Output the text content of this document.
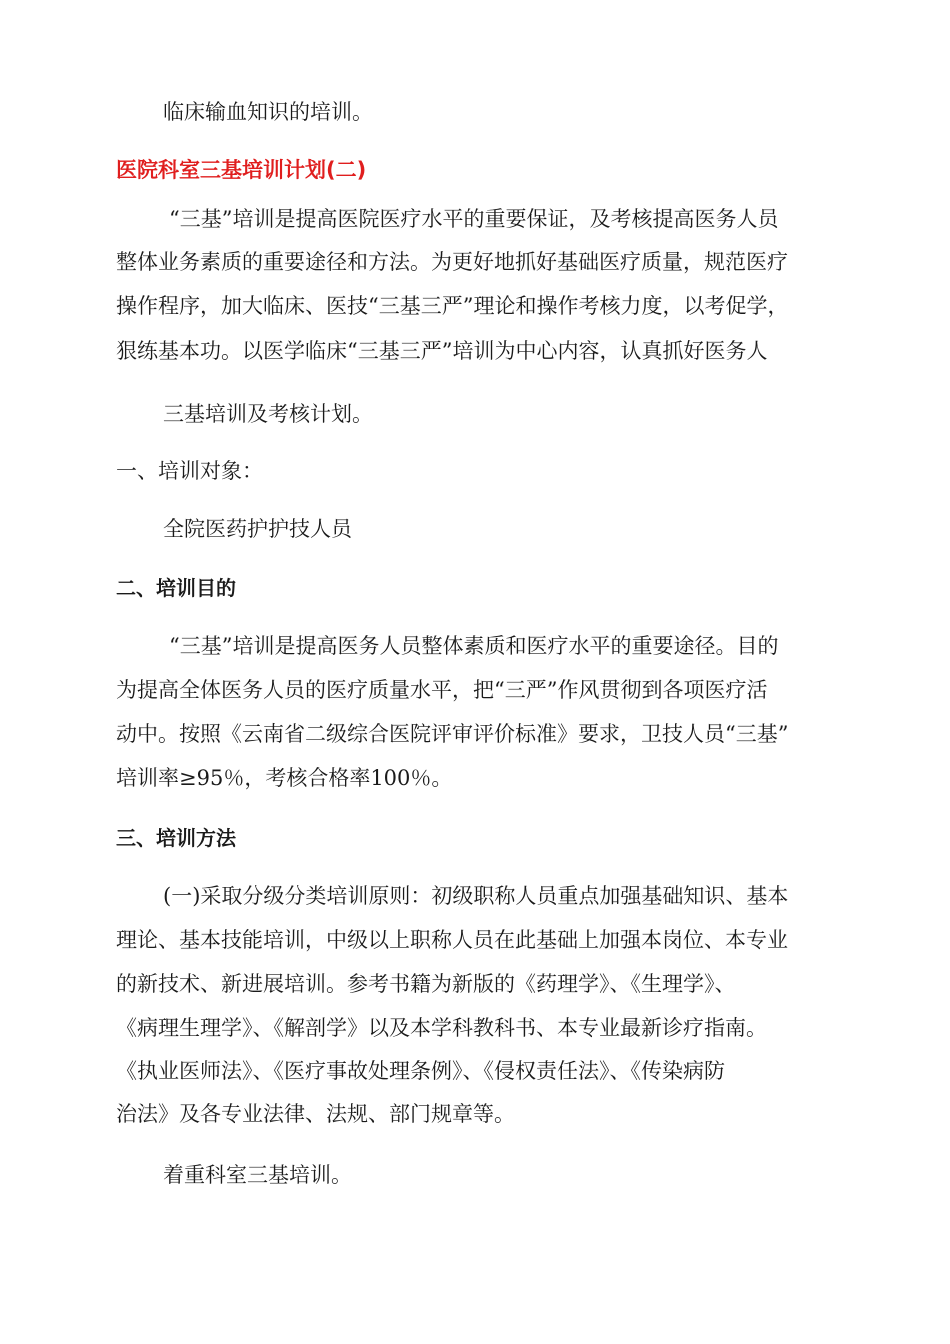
临床输血知识的培训。
医院科室三基培训计划(二)
“三基”培训是提高医院医疗水平的重要保证，及考核提高医务人员
整体业务素质的重要途径和方法。为更好地抓好基础医疗质量，规范医疗
操作程序，加大临床、医技“三基三严”理论和操作考核力度，以考促学，
狠练基本功。以医学临床“三基三严”培训为中心内容，认真抓好医务人
三基培训及考核计划。
一、培训对象：
全院医药护护技人员
二、培训目的
“三基”培训是提高医务人员整体素质和医疗水平的重要途径。目的
为提高全体医务人员的医疗质量水平，把“三严”作风贯彻到各项医疗活
动中。按照《云南省二级综合医院评审评价标准》要求，卫技人员“三基”
培训率≥95％，考核合格率100％。
三、培训方法
(一)采取分级分类培训原则：初级职称人员重点加强基础知识、基本
理论、基本技能培训，中级以上职称人员在此基础上加强本岗位、本专业
的新技术、新进展培训。参考书籍为新版的《药理学》、《生理学》、
《病理生理学》、《解剖学》以及本学科教科书、本专业最新诊疗指南。
《执业医师法》、《医疗事故处理条例》、《侵权责任法》、《传染病防
治法》及各专业法律、法规、部门规章等。
着重科室三基培训。
